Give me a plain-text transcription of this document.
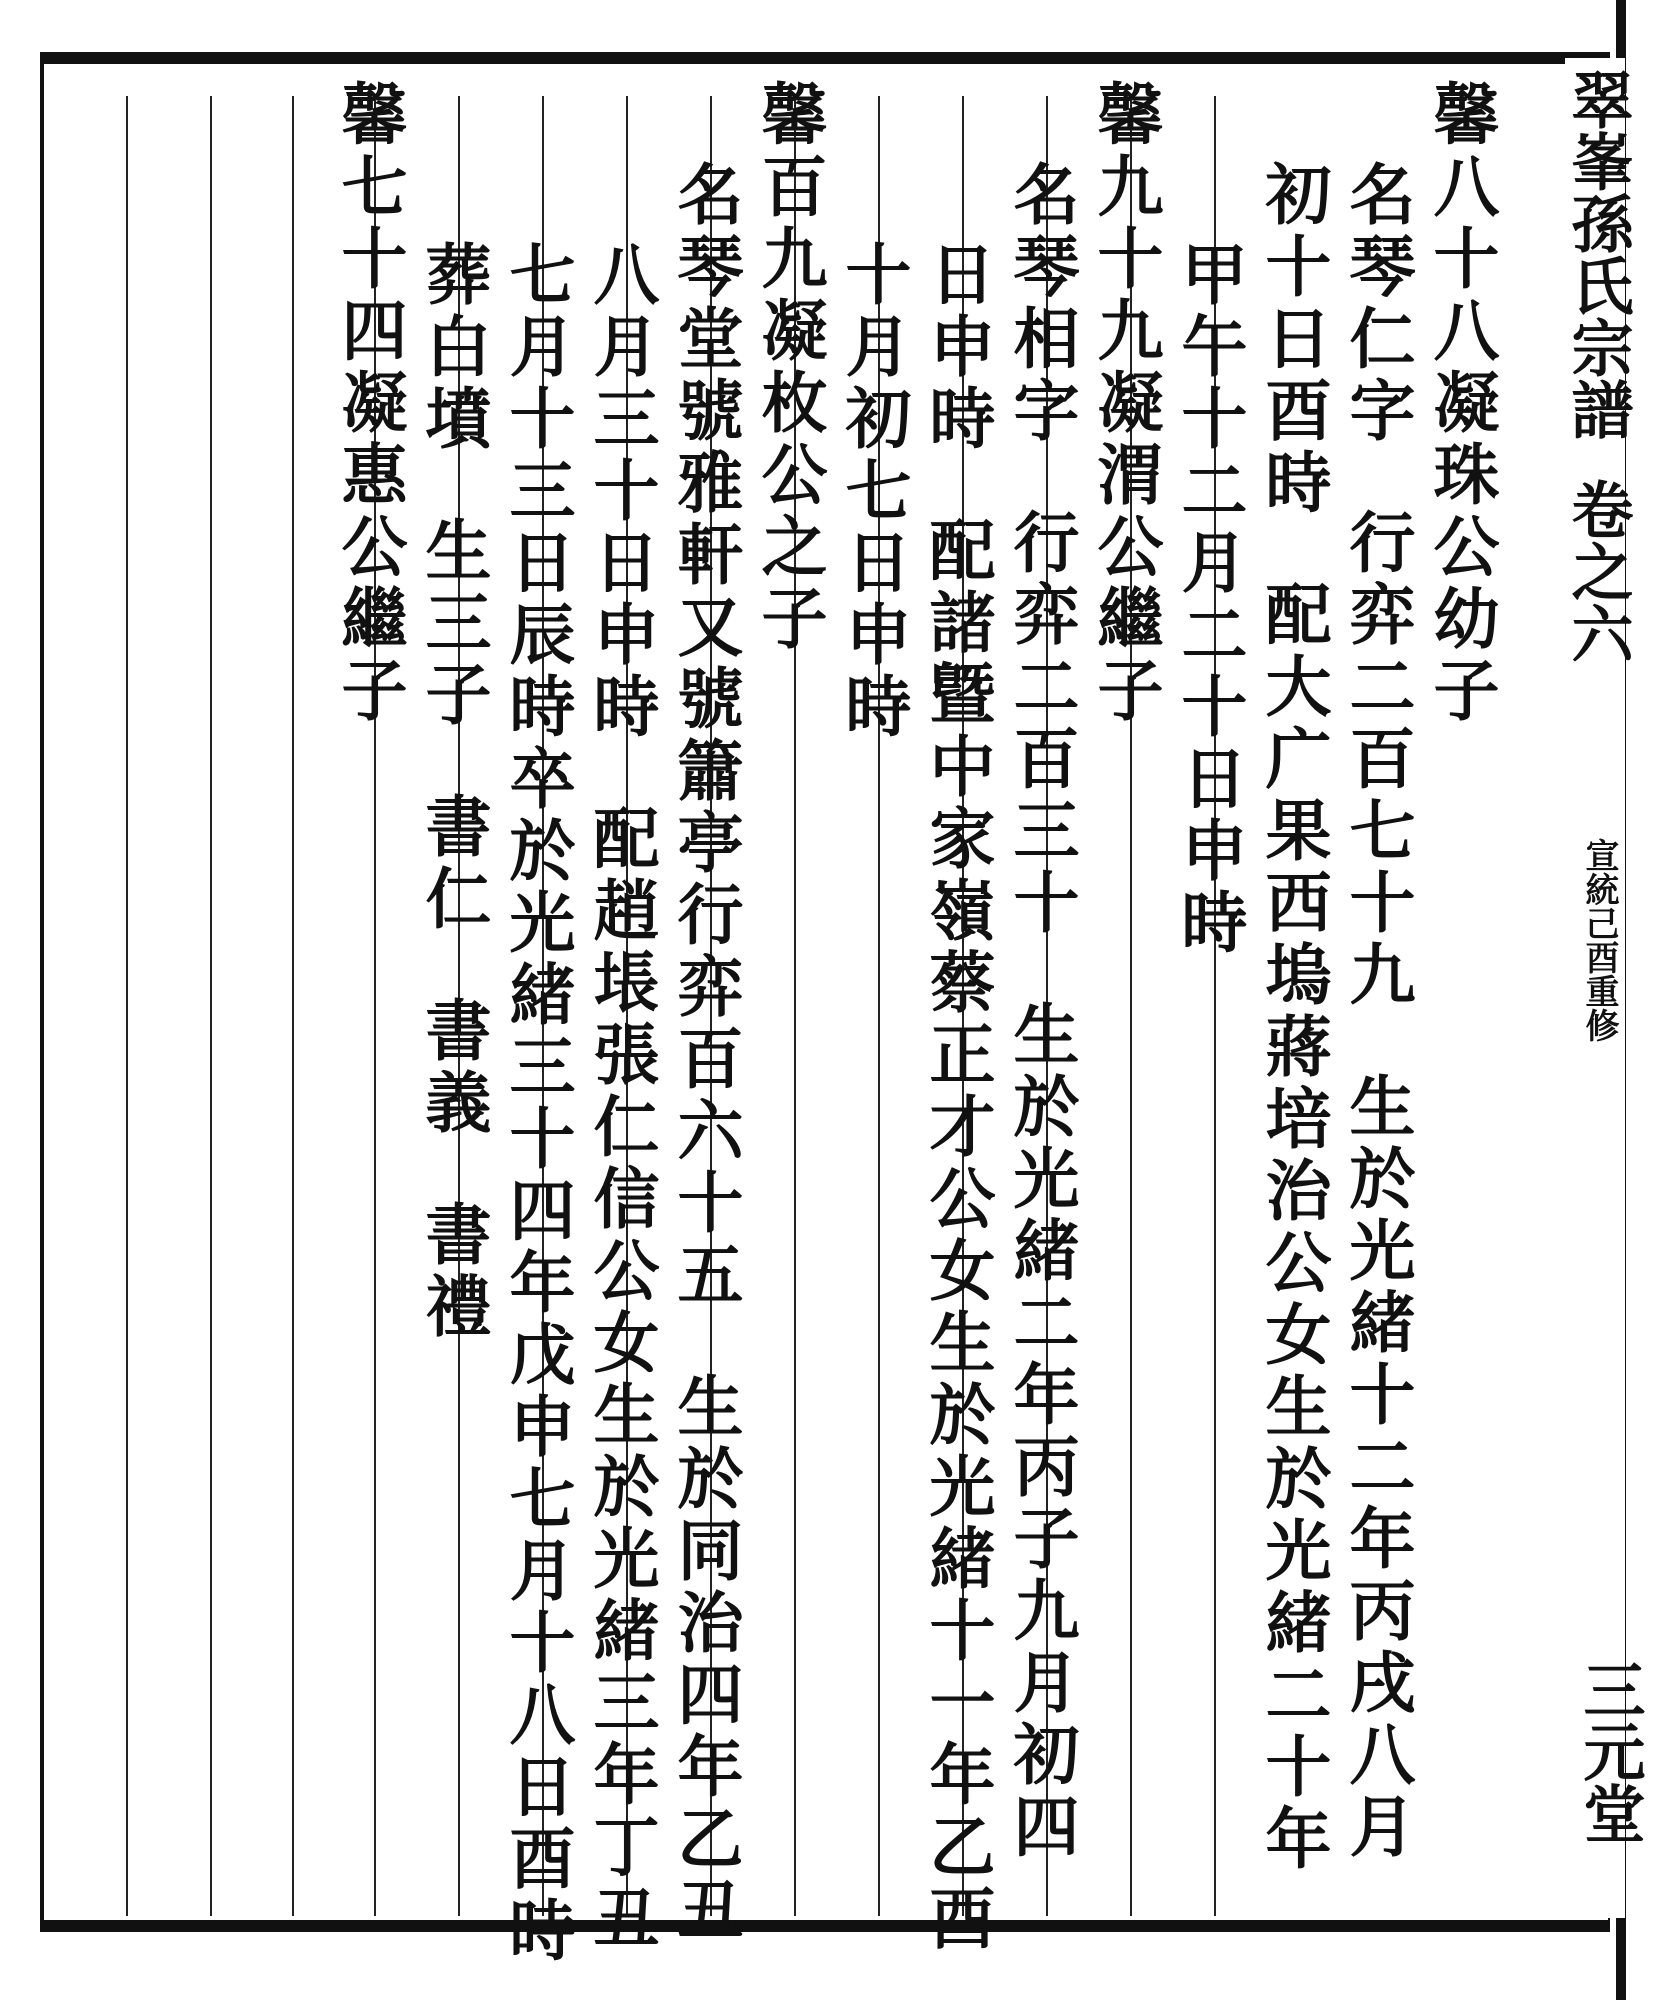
馨八十八凝珠公幼子
名琴仁字
行弈二百七十九
生於光緒十二年丙戌八月
初十日酉時
配大广果西塢蔣培治公女生於光緒二十年
甲午十二月二十日申時
馨九十九凝渭公繼子
名琴相字
行弈二百三十
生於光緒二年丙子九月初四
日申時
配諸曁中家嶺蔡正才公女生於光緒十一年乙酉
十月初七日申時
馨百九凝枚公之子
名琴堂號雅軒又號簫亭行弈百六十五
生於同治四年乙丑
八月三十日申時
配趙㙊張仁信公女生於光緒三年丁丑
七月十三日辰時卒於光緒三十四年戊申七月十八日酉時
葬白墳
生三子
書仁
書義
書禮
馨七十四凝惠公繼子	翠峯孫氏宗譜
卷之六
宣統己酉重修
三元堂
